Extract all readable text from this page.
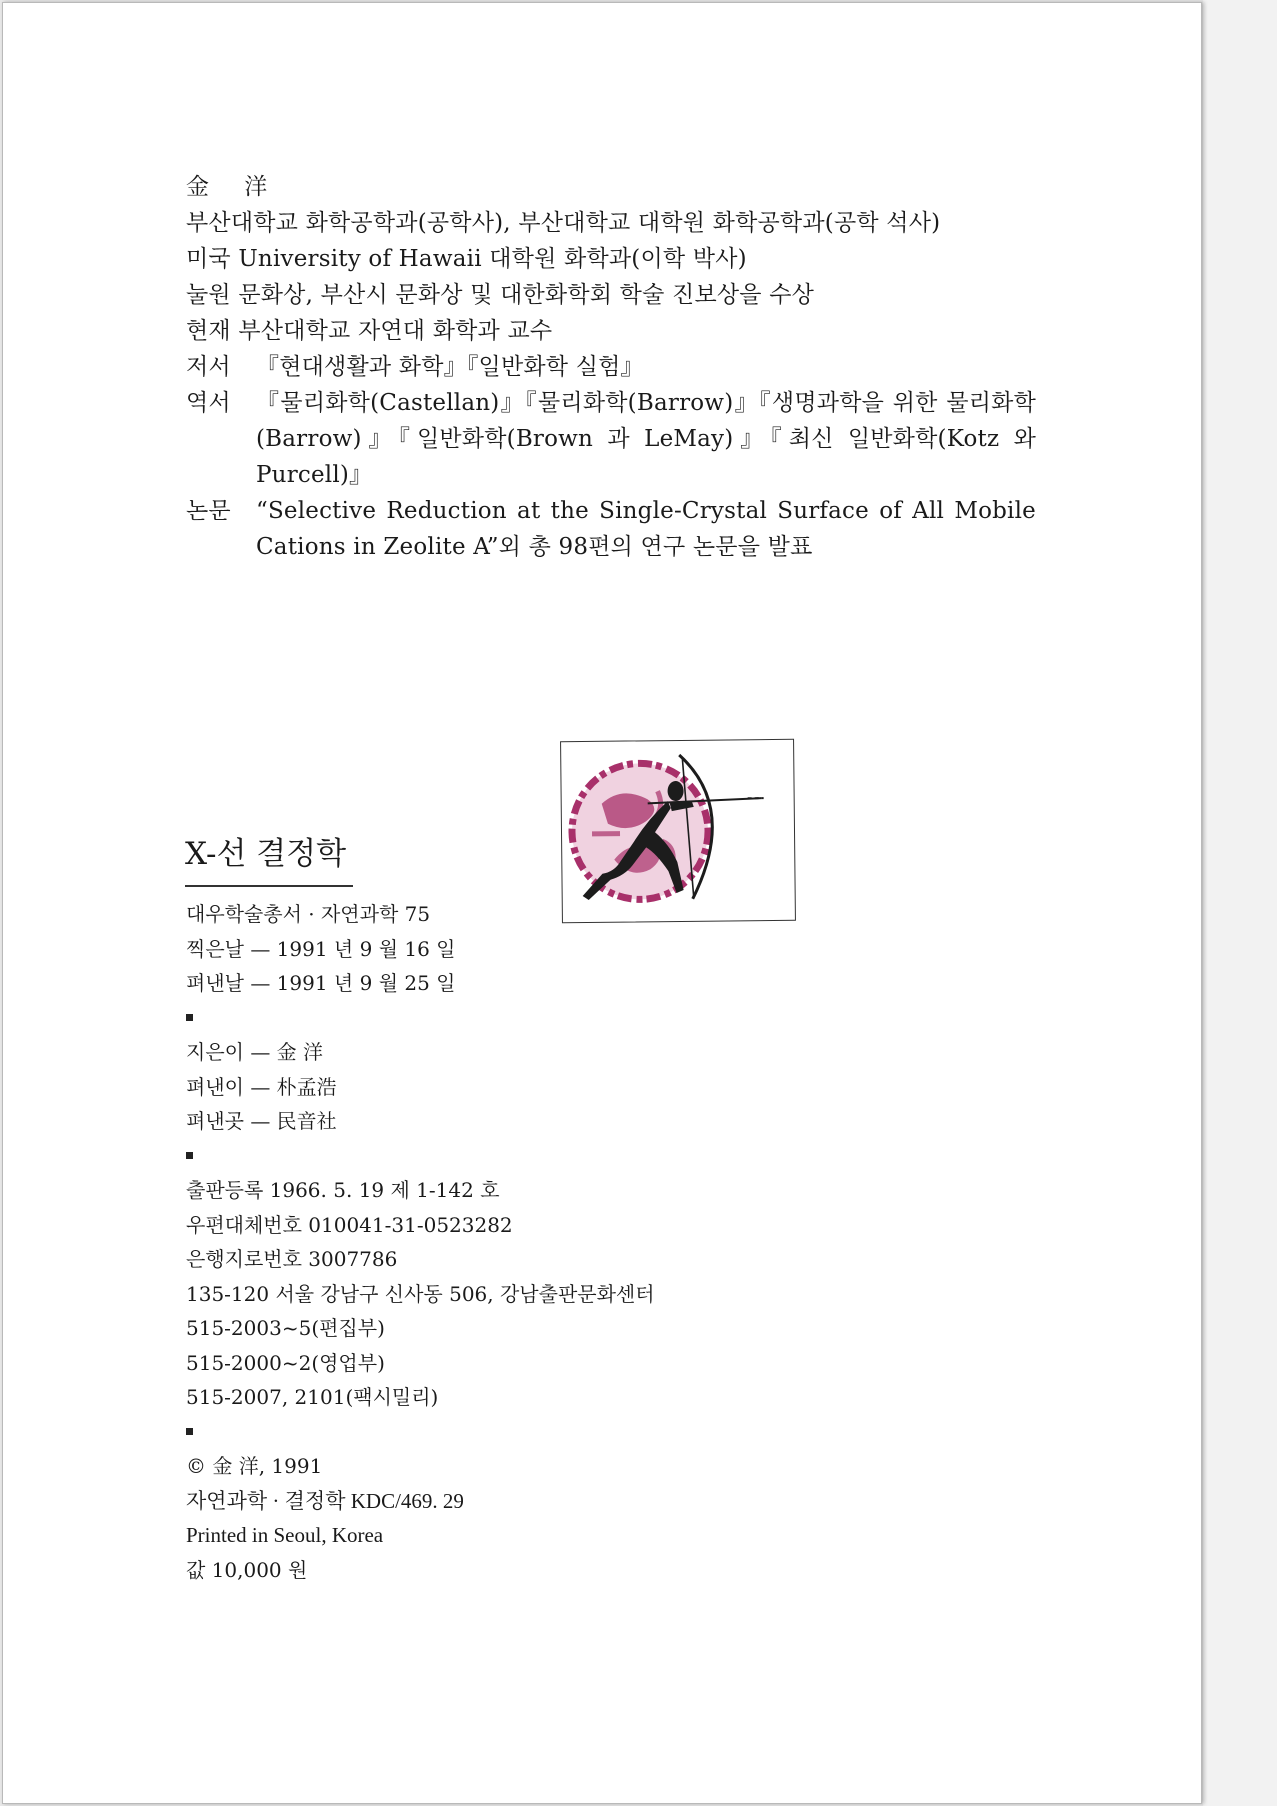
金 洋
부산대학교 화학공학과(공학사), 부산대학교 대학원 화학공학과(공학 석사)
미국 University of Hawaii 대학원 화학과(이학 박사)
눌원 문화상, 부산시 문화상 및 대한화학회 학술 진보상을 수상
현재 부산대학교 자연대 화학과 교수
저서	『현대생활과 화학』『일반화학 실험』
역서	『물리화학(Castellan)』『물리화학(Barrow)』『생명과학을 위한 물리화학(Barrow)』『일반화학(Brown 과 LeMay)』『최신 일반화학(Kotz 와 Purcell)』
논문	“Selective Reduction at the Single-Crystal Surface of All Mobile Cations in Zeolite A”외 총 98편의 연구 논문을 발표
X-선 결정학
대우학술총서 · 자연과학 75
찍은날 — 1991 년 9 월 16 일
펴낸날 — 1991 년 9 월 25 일
지은이 — 金 洋
펴낸이 — 朴孟浩
펴낸곳 — 民音社
출판등록 1966. 5. 19 제 1-142 호
우편대체번호 010041-31-0523282
은행지로번호 3007786
135-120 서울 강남구 신사동 506, 강남출판문화센터
515-2003~5(편집부)
515-2000~2(영업부)
515-2007, 2101(팩시밀리)
© 金 洋, 1991
자연과학 · 결정학 KDC/469. 29
Printed in Seoul, Korea
값 10,000 원
